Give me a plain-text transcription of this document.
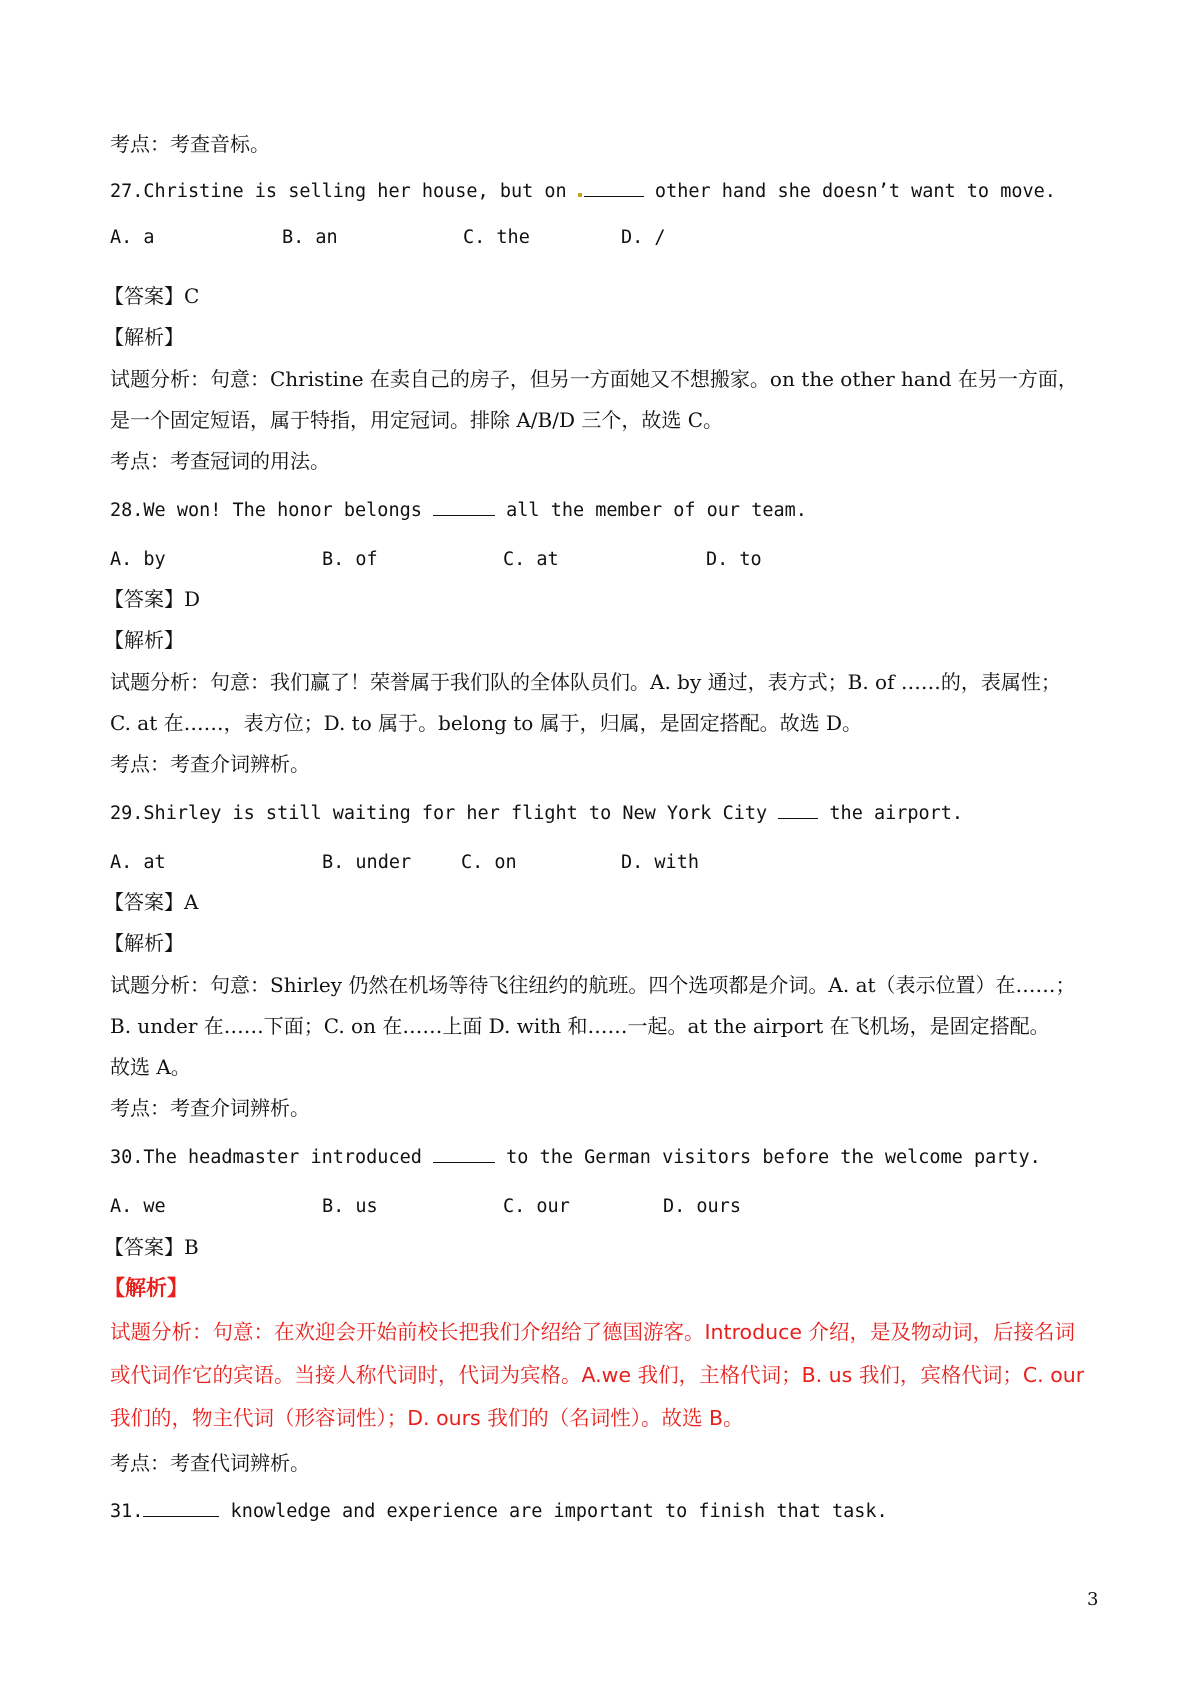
考点：考查音标。
27.Christine is selling her house, but on	other hand she doesn’t want to move.
A. a	B. an	C. the	D. /
【答案】C
【解析】
试题分析：句意：Christine 在卖自己的房子，但另一方面她又不想搬家。on the other hand 在另一方面，
是一个固定短语，属于特指，用定冠词。排除 A/B/D 三个，故选 C。
考点：考查冠词的用法。
28.We won! The honor belongs	all the member of our team.
A. by	B. of	C. at	D. to
【答案】D
【解析】
试题分析：句意：我们赢了！荣誉属于我们队的全体队员们。A. by 通过，表方式；B. of ……的，表属性；
C. at 在……，表方位；D. to 属于。belong to 属于，归属，是固定搭配。故选 D。
考点：考查介词辨析。
29.Shirley is still waiting for her flight to New York City  the airport.
A. at	B. under	C. on	D. with
【答案】A
【解析】
试题分析：句意：Shirley 仍然在机场等待飞往纽约的航班。四个选项都是介词。A. at（表示位置）在……；
B. under 在……下面；C. on 在……上面 D. with 和……一起。at the airport 在飞机场，是固定搭配。
故选 A。
考点：考查介词辨析。
30.The headmaster introduced	to the German visitors before the welcome party.
A. we	B. us	C. our	D. ours
【答案】B
【解析】
试题分析：句意：在欢迎会开始前校长把我们介绍给了德国游客。Introduce 介绍，是及物动词，后接名词
或代词作它的宾语。当接人称代词时，代词为宾格。A.we 我们，主格代词；B. us 我们，宾格代词；C. our
我们的，物主代词（形容词性）；D. ours 我们的（名词性）。故选 B。
考点：考查代词辨析。
31.	knowledge and experience are important to finish that task.
3
